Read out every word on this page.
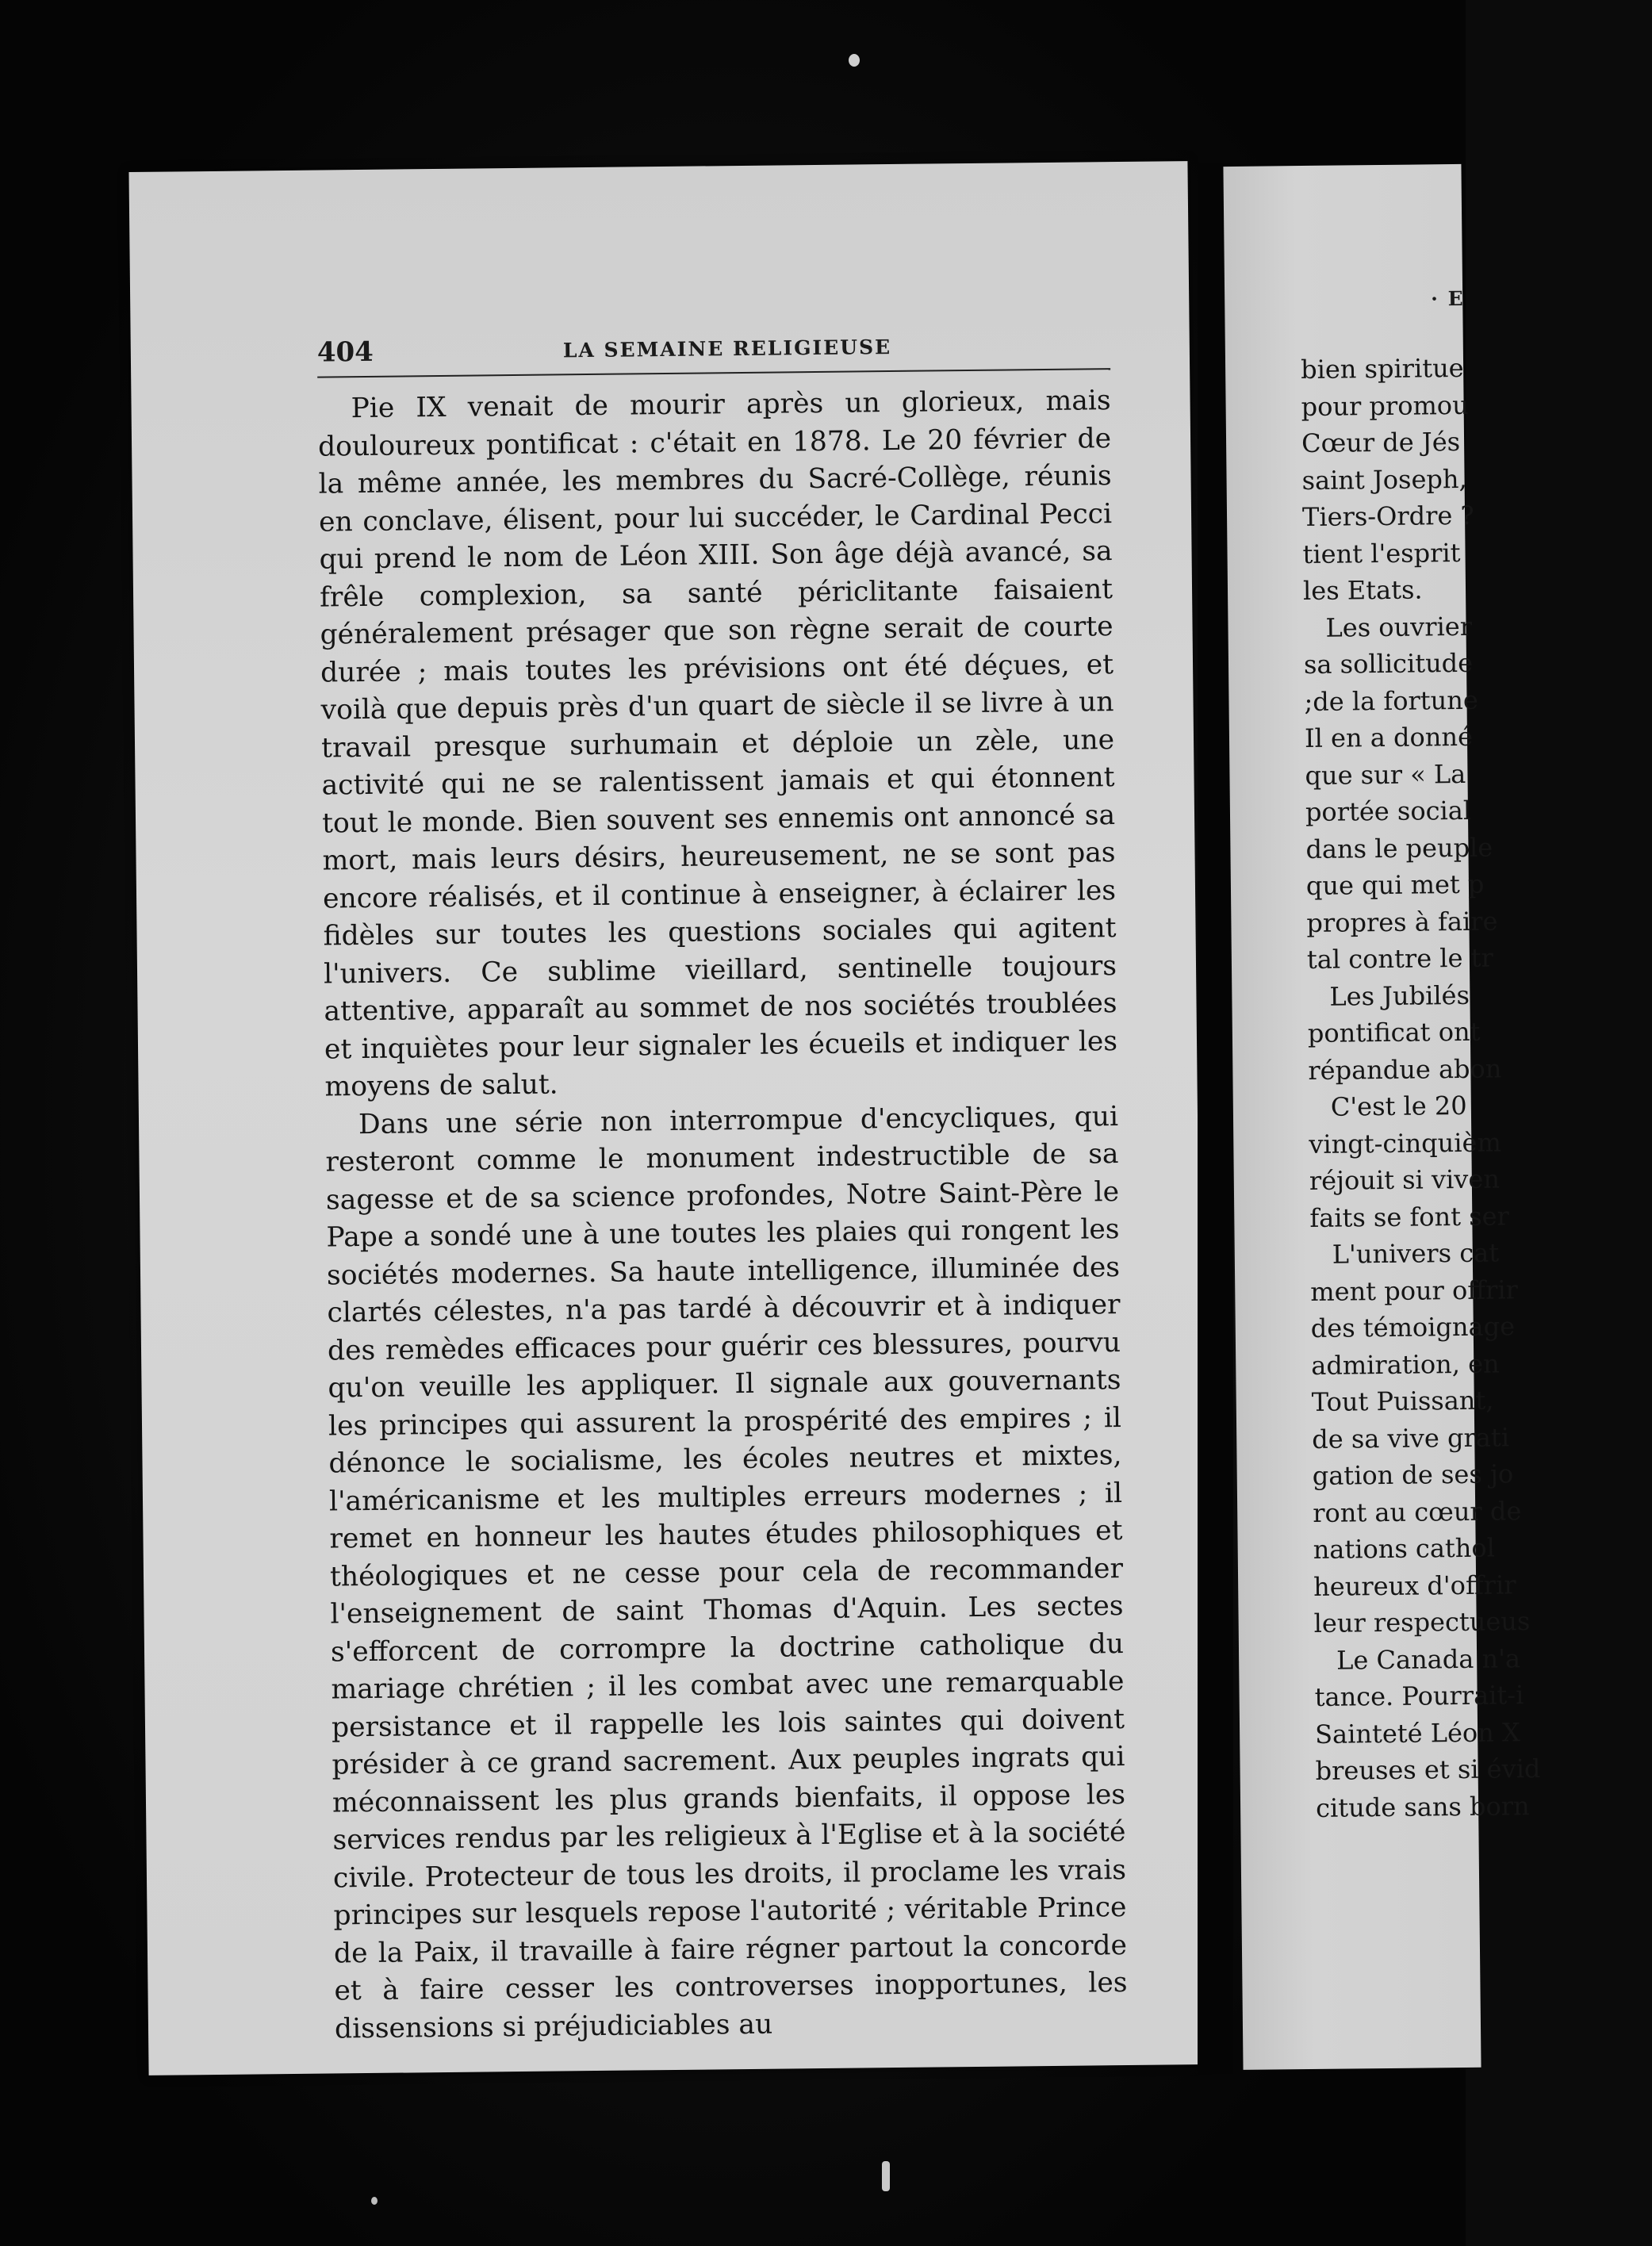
404	LA SEMAINE RELIGIEUSE

Pie IX venait de mourir après un glorieux, mais douloureux pontificat : c'était en 1878. Le 20 février de la même année, les membres du Sacré-Collège, réunis en conclave, élisent, pour lui succéder, le Cardinal Pecci qui prend le nom de Léon XIII. Son âge déjà avancé, sa frêle complexion, sa santé périclitante faisaient généralement présager que son règne serait de courte durée ; mais toutes les prévisions ont été déçues, et voilà que depuis près d'un quart de siècle il se livre à un travail presque surhumain et déploie un zèle, une activité qui ne se ralentissent jamais et qui étonnent tout le monde. Bien souvent ses ennemis ont annoncé sa mort, mais leurs désirs, heureusement, ne se sont pas encore réalisés, et il continue à enseigner, à éclairer les fidèles sur toutes les questions sociales qui agitent l'univers. Ce sublime vieillard, sentinelle toujours attentive, apparaît au sommet de nos sociétés troublées et inquiètes pour leur signaler les écueils et indiquer les moyens de salut.

Dans une série non interrompue d'encycliques, qui resteront comme le monument indestructible de sa sagesse et de sa science profondes, Notre Saint-Père le Pape a sondé une à une toutes les plaies qui rongent les sociétés modernes. Sa haute intelligence, illuminée des clartés célestes, n'a pas tardé à découvrir et à indiquer des remèdes efficaces pour guérir ces blessures, pourvu qu'on veuille les appliquer. Il signale aux gouvernants les principes qui assurent la prospérité des empires ; il dénonce le socialisme, les écoles neutres et mixtes, l'américanisme et les multiples erreurs modernes ; il remet en honneur les hautes études philosophiques et théologiques et ne cesse pour cela de recommander l'enseignement de saint Thomas d'Aquin. Les sectes s'efforcent de corrompre la doctrine catholique du mariage chrétien ; il les combat avec une remarquable persistance et il rappelle les lois saintes qui doivent présider à ce grand sacrement. Aux peuples ingrats qui méconnaissent les plus grands bienfaits, il oppose les services rendus par les religieux à l'Eglise et à la société civile. Protecteur de tous les droits, il proclame les vrais principes sur lesquels repose l'autorité ; véritable Prince de la Paix, il travaille à faire régner partout la concorde et à faire cesser les controverses inopportunes, les dissensions si préjudiciables au

· E
bien spiritue
pour promou
Cœur de Jés
saint Joseph,
Tiers-Ordre ?
tient l'esprit
les Etats.
Les ouvrier
sa sollicitude
;de la fortune
Il en a donné
que sur « La
portée social
dans le peuple
que qui met p
propres à faire
tal contre le tr
Les Jubilés
pontificat ont
répandue abon
C'est le 20
vingt-cinquièm
réjouit si viven
faits se font ser
L'univers cat
ment pour offrir
des témoignage
admiration, en
Tout Puissant,
de sa vive grati
gation de ses jo
ront au cœur de
nations cathol
heureux d'offrir
leur respectueus
Le Canada n'a
tance. Pourrait-i
Sainteté Léon X
breuses et si évid
citude sans born
